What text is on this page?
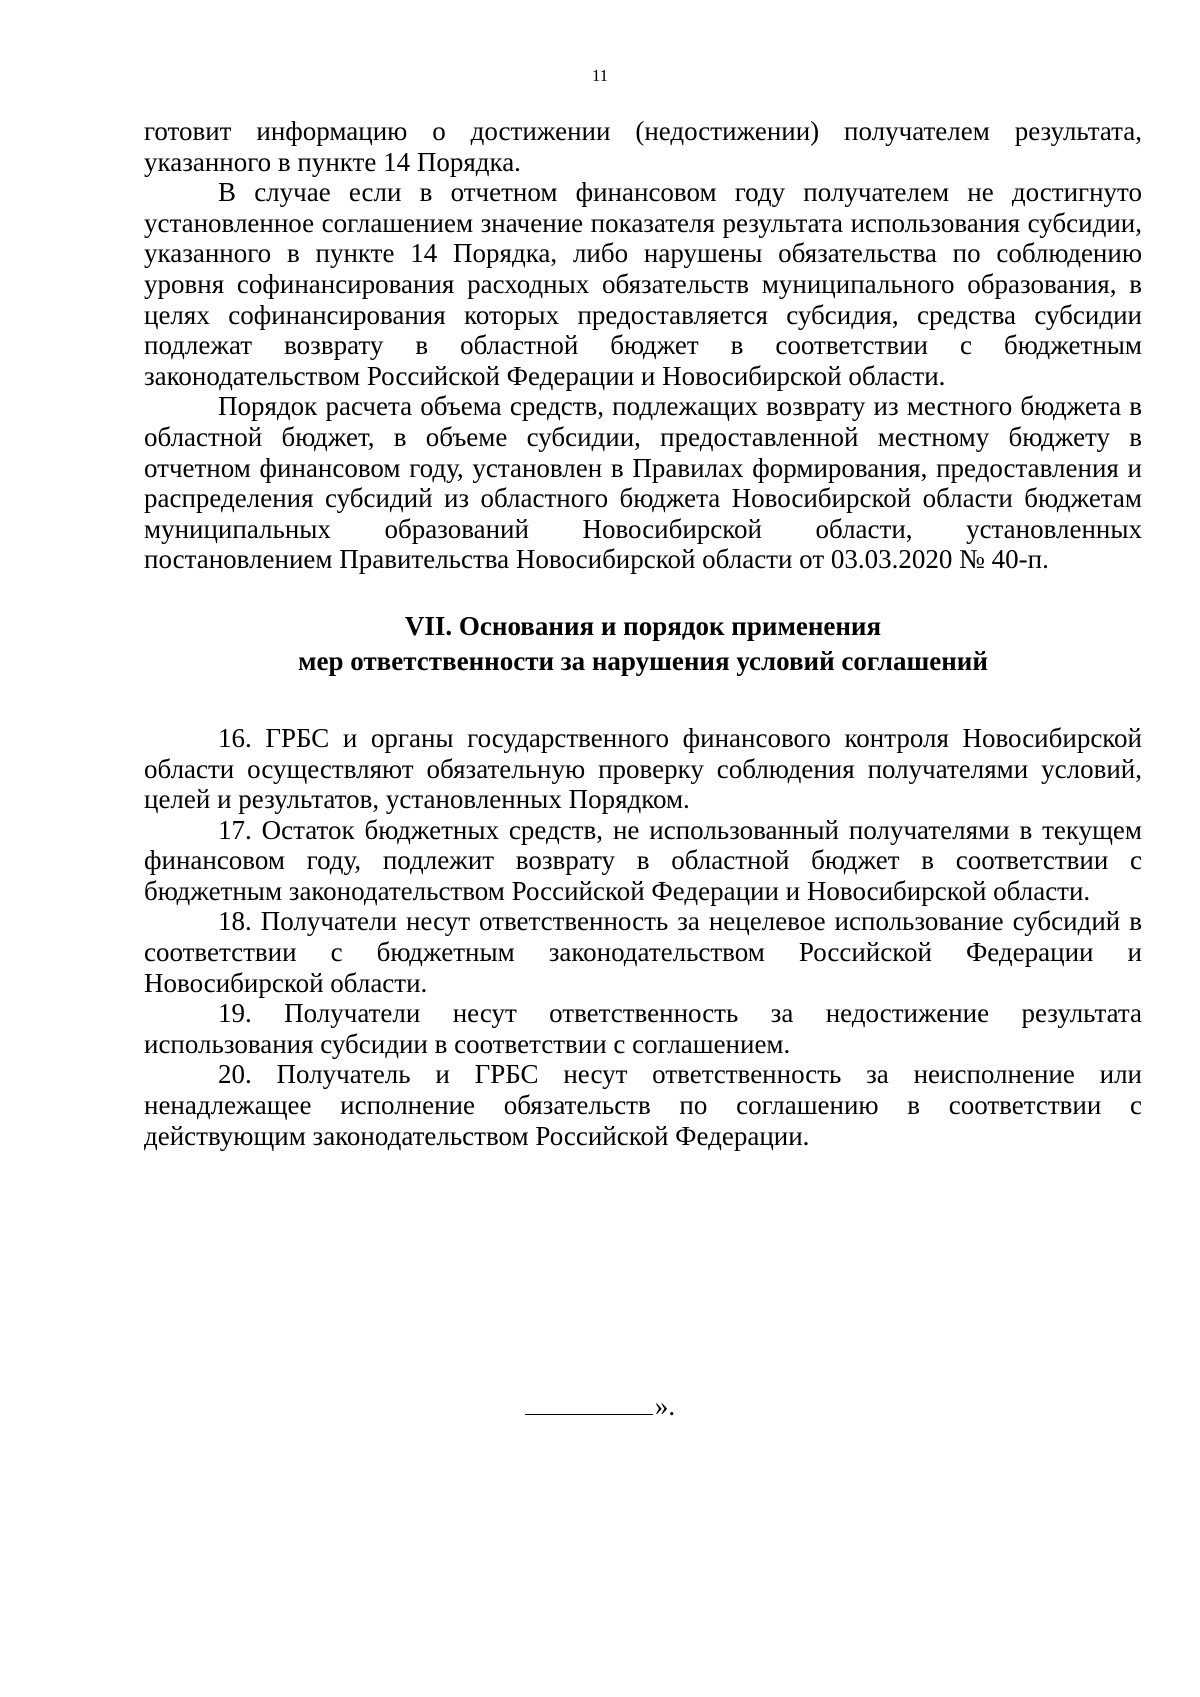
11

готовит информацию о достижении (недостижении) получателем результата, указанного в пункте 14 Порядка.

В случае если в отчетном финансовом году получателем не достигнуто установленное соглашением значение показателя результата использования субсидии, указанного в пункте 14 Порядка, либо нарушены обязательства по соблюдению уровня софинансирования расходных обязательств муниципального образования, в целях софинансирования которых предоставляется субсидия, средства субсидии подлежат возврату в областной бюджет в соответствии с бюджетным законодательством Российской Федерации и Новосибирской области.

Порядок расчета объема средств, подлежащих возврату из местного бюджета в областной бюджет, в объеме субсидии, предоставленной местному бюджету в отчетном финансовом году, установлен в Правилах формирования, предоставления и распределения субсидий из областного бюджета Новосибирской области бюджетам муниципальных образований Новосибирской области, установленных постановлением Правительства Новосибирской области от 03.03.2020 № 40-п.

VII. Основания и порядок применения
мер ответственности за нарушения условий соглашений

16. ГРБС и органы государственного финансового контроля Новосибирской области осуществляют обязательную проверку соблюдения получателями условий, целей и результатов, установленных Порядком.

17. Остаток бюджетных средств, не использованный получателями в текущем финансовом году, подлежит возврату в областной бюджет в соответствии с бюджетным законодательством Российской Федерации и Новосибирской области.

18. Получатели несут ответственность за нецелевое использование субсидий в соответствии с бюджетным законодательством Российской Федерации и Новосибирской области.

19. Получатели несут ответственность за недостижение результата использования субсидии в соответствии с соглашением.

20. Получатель и ГРБС несут ответственность за неисполнение или ненадлежащее исполнение обязательств по соглашению в соответствии с действующим законодательством Российской Федерации.

».
